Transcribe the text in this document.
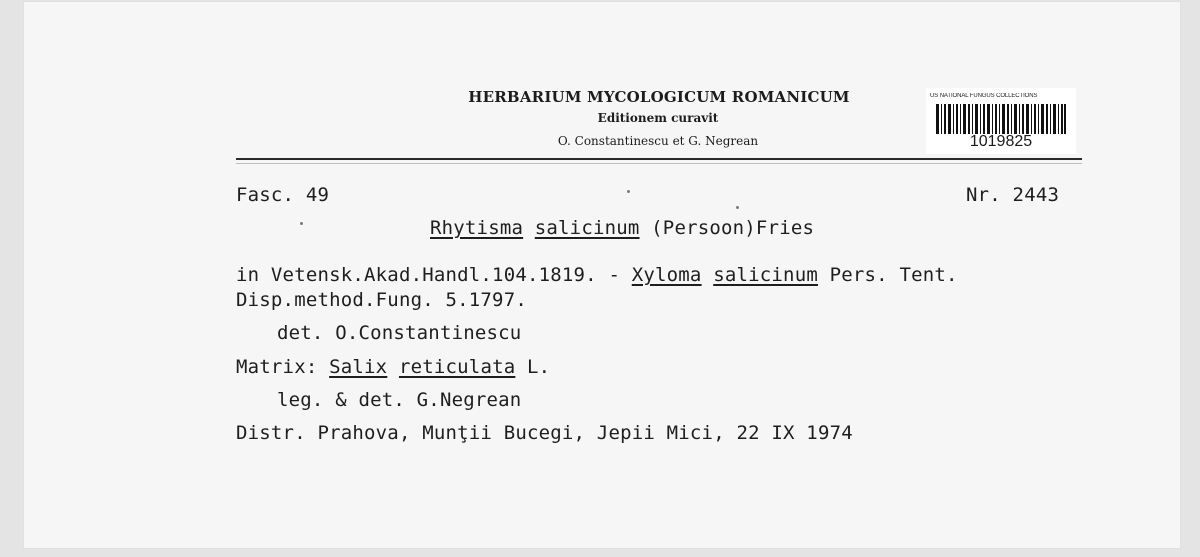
HERBARIUM MYCOLOGICUM ROMANICUM
Editionem curavit
O. Constantinescu et G. Negrean
US NATIONAL FUNGUS COLLECTIONS
1019825
Fasc. 49	Nr. 2443
Rhytisma salicinum (Persoon)Fries
in Vetensk.Akad.Handl.104.1819. - Xyloma salicinum Pers. Tent.
Disp.method.Fung. 5.1797.
det. O.Constantinescu
Matrix: Salix reticulata L.
leg. & det. G.Negrean
Distr. Prahova, Munţii Bucegi, Jepii Mici, 22 IX 1974
